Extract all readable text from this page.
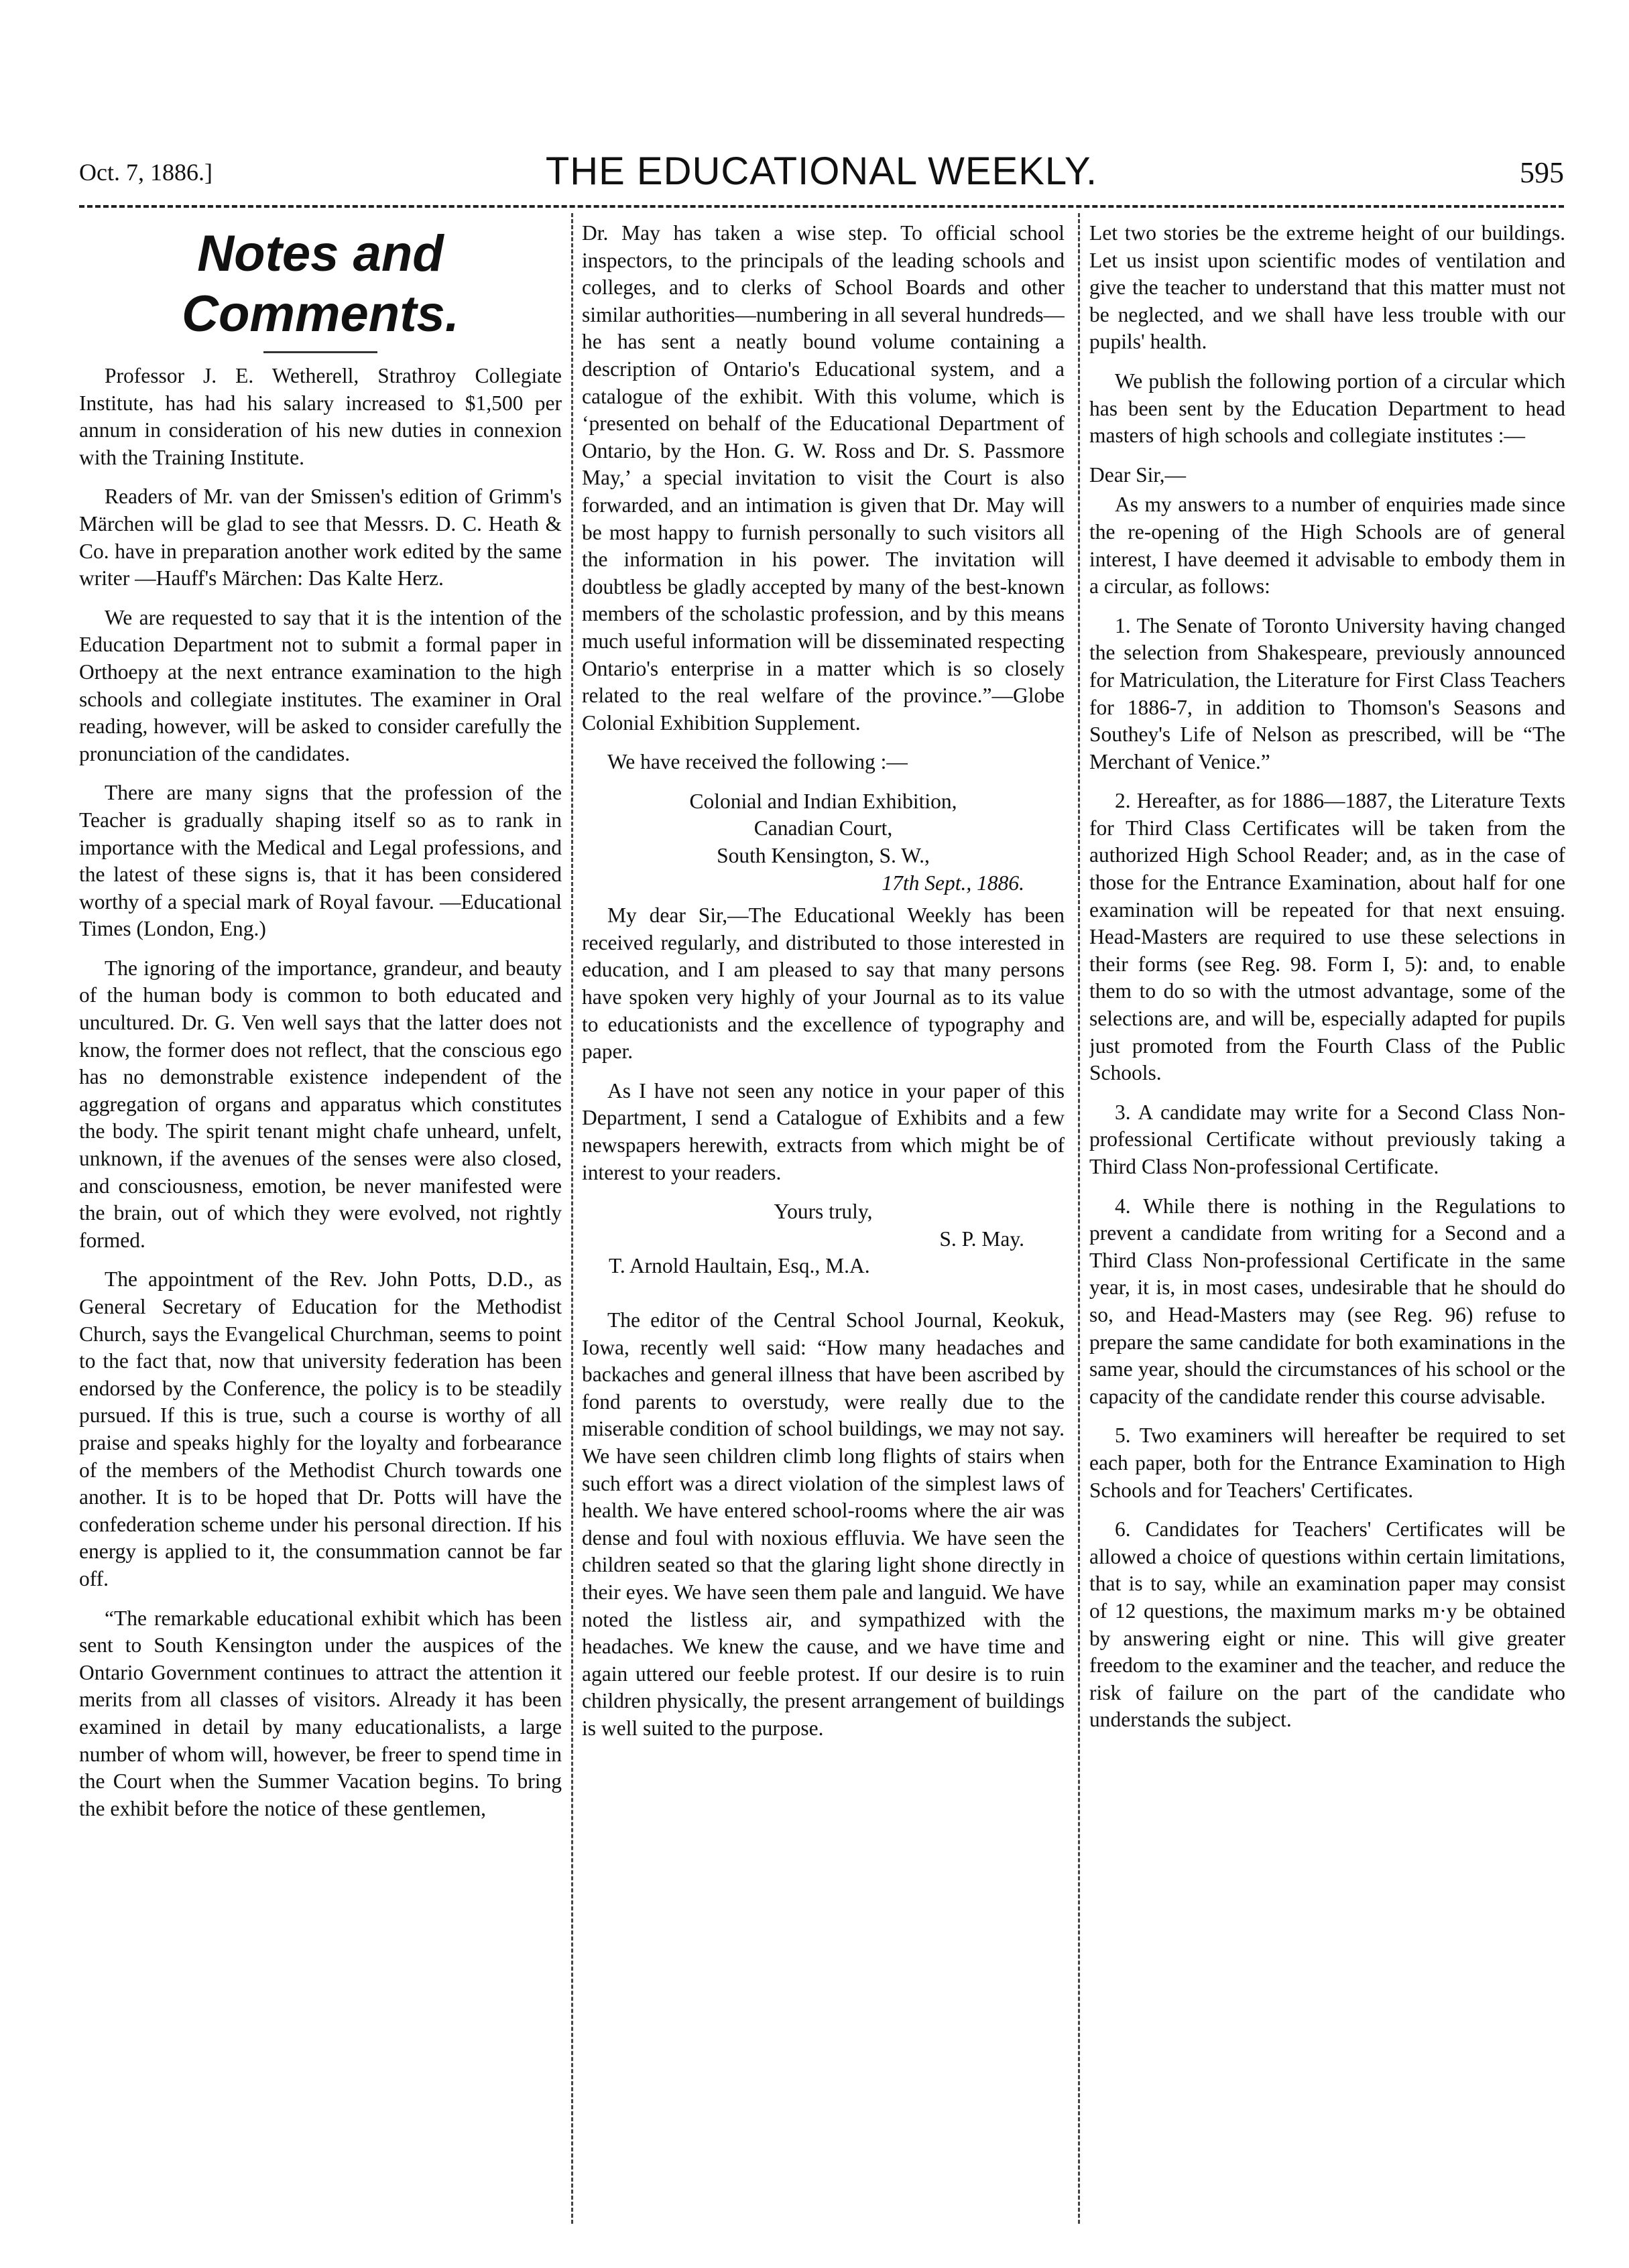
Oct. 7, 1886.]	THE EDUCATIONAL WEEKLY.	595
Notes and Comments.

Professor J. E. Wetherell, Strathroy Collegiate Institute, has had his salary increased to $1,500 per annum in consideration of his new duties in connexion with the Training Institute.

Readers of Mr. van der Smissen's edition of Grimm's Märchen will be glad to see that Messrs. D. C. Heath & Co. have in preparation another work edited by the same writer —Hauff's Märchen: Das Kalte Herz.

We are requested to say that it is the intention of the Education Department not to submit a formal paper in Orthoepy at the next entrance examination to the high schools and collegiate institutes. The examiner in Oral reading, however, will be asked to consider carefully the pronunciation of the candidates.

There are many signs that the profession of the Teacher is gradually shaping itself so as to rank in importance with the Medical and Legal professions, and the latest of these signs is, that it has been considered worthy of a special mark of Royal favour. —Educational Times (London, Eng.)

The ignoring of the importance, grandeur, and beauty of the human body is common to both educated and uncultured. Dr. G. Ven well says that the latter does not know, the former does not reflect, that the conscious ego has no demonstrable existence independent of the aggregation of organs and apparatus which constitutes the body. The spirit tenant might chafe unheard, unfelt, unknown, if the avenues of the senses were also closed, and consciousness, emotion, be never manifested were the brain, out of which they were evolved, not rightly formed.

The appointment of the Rev. John Potts, D.D., as General Secretary of Education for the Methodist Church, says the Evangelical Churchman, seems to point to the fact that, now that university federation has been endorsed by the Conference, the policy is to be steadily pursued. If this is true, such a course is worthy of all praise and speaks highly for the loyalty and forbearance of the members of the Methodist Church towards one another. It is to be hoped that Dr. Potts will have the confederation scheme under his personal direction. If his energy is applied to it, the consummation cannot be far off.

“The remarkable educational exhibit which has been sent to South Kensington under the auspices of the Ontario Government continues to attract the attention it merits from all classes of visitors. Already it has been examined in detail by many educationalists, a large number of whom will, however, be freer to spend time in the Court when the Summer Vacation begins. To bring the exhibit before the notice of these gentlemen,

Dr. May has taken a wise step. To official school inspectors, to the principals of the leading schools and colleges, and to clerks of School Boards and other similar authorities—numbering in all several hundreds—he has sent a neatly bound volume containing a description of Ontario's Educational system, and a catalogue of the exhibit. With this volume, which is ‘presented on behalf of the Educational Department of Ontario, by the Hon. G. W. Ross and Dr. S. Passmore May,’ a special invitation to visit the Court is also forwarded, and an intimation is given that Dr. May will be most happy to furnish personally to such visitors all the information in his power. The invitation will doubtless be gladly accepted by many of the best-known members of the scholastic profession, and by this means much useful information will be disseminated respecting Ontario's enterprise in a matter which is so closely related to the real welfare of the province.”—Globe Colonial Exhibition Supplement.

We have received the following :—

Colonial and Indian Exhibition,

Canadian Court,

South Kensington, S. W.,

17th Sept., 1886.

My dear Sir,—The Educational Weekly has been received regularly, and distributed to those interested in education, and I am pleased to say that many persons have spoken very highly of your Journal as to its value to educationists and the excellence of typography and paper.

As I have not seen any notice in your paper of this Department, I send a Catalogue of Exhibits and a few newspapers herewith, extracts from which might be of interest to your readers.

Yours truly,

S. P. May.

T. Arnold Haultain, Esq., M.A.

The editor of the Central School Journal, Keokuk, Iowa, recently well said: “How many headaches and backaches and general illness that have been ascribed by fond parents to overstudy, were really due to the miserable condition of school buildings, we may not say. We have seen children climb long flights of stairs when such effort was a direct violation of the simplest laws of health. We have entered school-rooms where the air was dense and foul with noxious effluvia. We have seen the children seated so that the glaring light shone directly in their eyes. We have seen them pale and languid. We have noted the listless air, and sympathized with the headaches. We knew the cause, and we have time and again uttered our feeble protest. If our desire is to ruin children physically, the present arrangement of buildings is well suited to the purpose.

Let two stories be the extreme height of our buildings. Let us insist upon scientific modes of ventilation and give the teacher to understand that this matter must not be neglected, and we shall have less trouble with our pupils' health.

We publish the following portion of a circular which has been sent by the Education Department to head masters of high schools and collegiate institutes :—

Dear Sir,—

As my answers to a number of enquiries made since the re-opening of the High Schools are of general interest, I have deemed it advisable to embody them in a circular, as follows:

1. The Senate of Toronto University having changed the selection from Shakespeare, previously announced for Matriculation, the Literature for First Class Teachers for 1886-7, in addition to Thomson's Seasons and Southey's Life of Nelson as prescribed, will be “The Merchant of Venice.”

2. Hereafter, as for 1886—1887, the Literature Texts for Third Class Certificates will be taken from the authorized High School Reader; and, as in the case of those for the Entrance Examination, about half for one examination will be repeated for that next ensuing. Head-Masters are required to use these selections in their forms (see Reg. 98. Form I, 5): and, to enable them to do so with the utmost advantage, some of the selections are, and will be, especially adapted for pupils just promoted from the Fourth Class of the Public Schools.

3. A candidate may write for a Second Class Non-professional Certificate without previously taking a Third Class Non-professional Certificate.

4. While there is nothing in the Regulations to prevent a candidate from writing for a Second and a Third Class Non-professional Certificate in the same year, it is, in most cases, undesirable that he should do so, and Head-Masters may (see Reg. 96) refuse to prepare the same candidate for both examinations in the same year, should the circumstances of his school or the capacity of the candidate render this course advisable.

5. Two examiners will hereafter be required to set each paper, both for the Entrance Examination to High Schools and for Teachers' Certificates.

6. Candidates for Teachers' Certificates will be allowed a choice of questions within certain limitations, that is to say, while an examination paper may consist of 12 questions, the maximum marks m·y be obtained by answering eight or nine. This will give greater freedom to the examiner and the teacher, and reduce the risk of failure on the part of the candidate who understands the subject.
